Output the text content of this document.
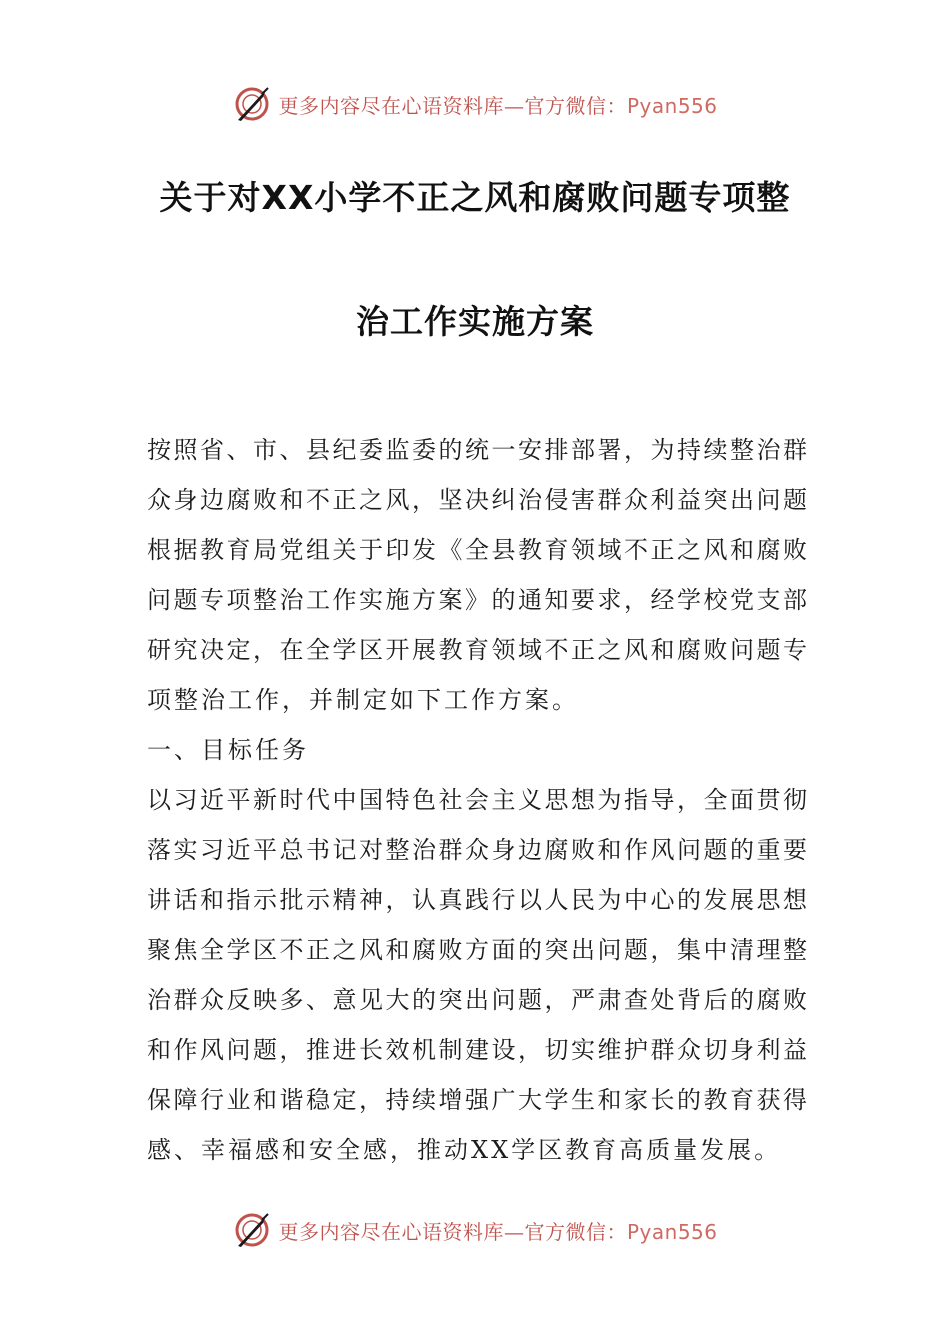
更多内容尽在心语资料库—官方微信：Pyan556
关于对XX小学不正之风和腐败问题专项整
治工作实施方案
按照省、市、县纪委监委的统一安排部署，为持续整治群
众身边腐败和不正之风，坚决纠治侵害群众利益突出问题
根据教育局党组关于印发《全县教育领域不正之风和腐败
问题专项整治工作实施方案》的通知要求，经学校党支部
研究决定，在全学区开展教育领域不正之风和腐败问题专
项整治工作，并制定如下工作方案。
一、目标任务
以习近平新时代中国特色社会主义思想为指导，全面贯彻
落实习近平总书记对整治群众身边腐败和作风问题的重要
讲话和指示批示精神，认真践行以人民为中心的发展思想
聚焦全学区不正之风和腐败方面的突出问题，集中清理整
治群众反映多、意见大的突出问题，严肃查处背后的腐败
和作风问题，推进长效机制建设，切实维护群众切身利益
保障行业和谐稳定，持续增强广大学生和家长的教育获得
感、幸福感和安全感，推动XX学区教育高质量发展。
更多内容尽在心语资料库—官方微信：Pyan556
